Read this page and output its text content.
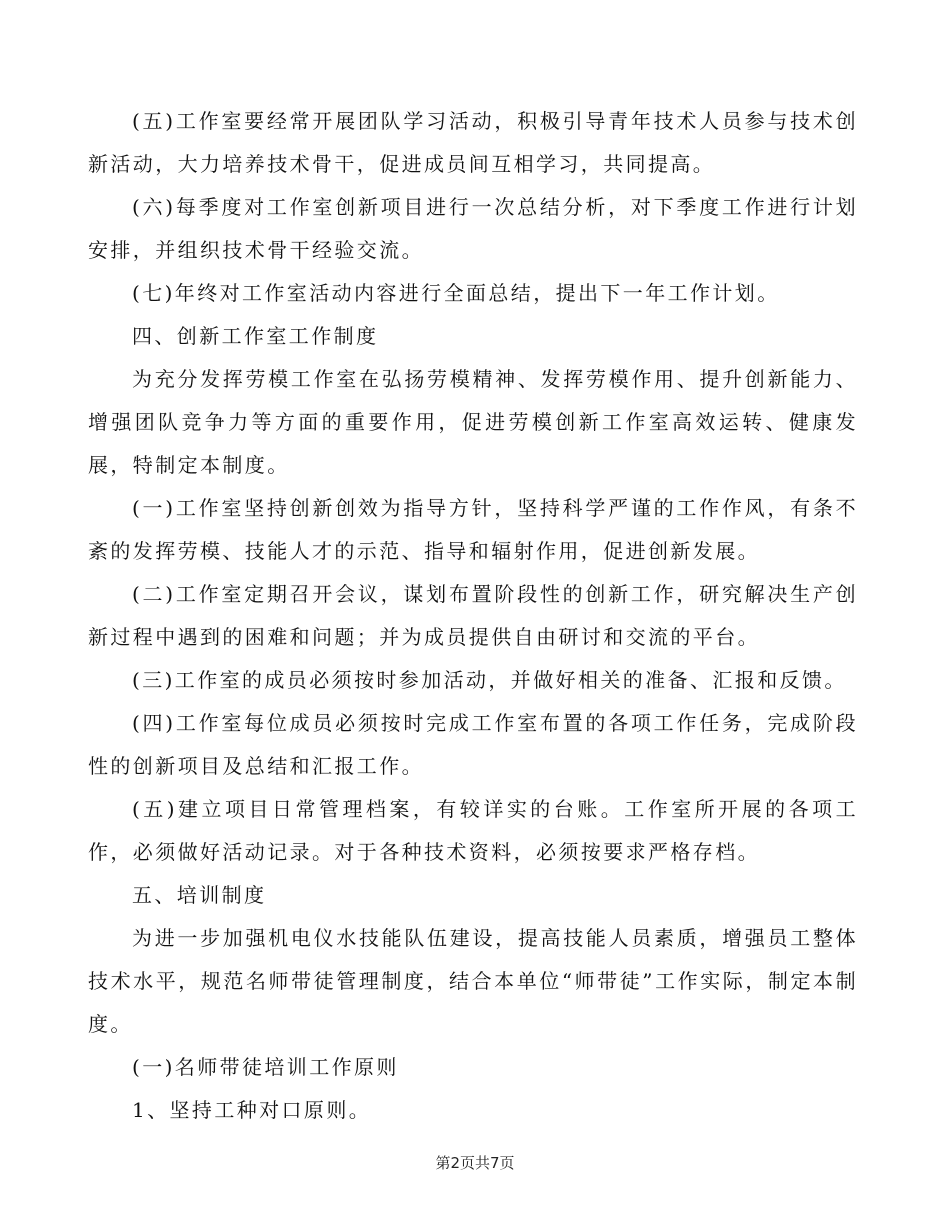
(五)工作室要经常开展团队学习活动，积极引导青年技术人员参与技术创新活动，大力培养技术骨干，促进成员间互相学习，共同提高。

(六)每季度对工作室创新项目进行一次总结分析，对下季度工作进行计划安排，并组织技术骨干经验交流。

(七)年终对工作室活动内容进行全面总结，提出下一年工作计划。

四、创新工作室工作制度

为充分发挥劳模工作室在弘扬劳模精神、发挥劳模作用、提升创新能力、增强团队竞争力等方面的重要作用，促进劳模创新工作室高效运转、健康发展，特制定本制度。

(一)工作室坚持创新创效为指导方针，坚持科学严谨的工作作风，有条不紊的发挥劳模、技能人才的示范、指导和辐射作用，促进创新发展。

(二)工作室定期召开会议，谋划布置阶段性的创新工作，研究解决生产创新过程中遇到的困难和问题；并为成员提供自由研讨和交流的平台。

(三)工作室的成员必须按时参加活动，并做好相关的准备、汇报和反馈。

(四)工作室每位成员必须按时完成工作室布置的各项工作任务，完成阶段性的创新项目及总结和汇报工作。

(五)建立项目日常管理档案，有较详实的台账。工作室所开展的各项工作，必须做好活动记录。对于各种技术资料，必须按要求严格存档。

五、培训制度

为进一步加强机电仪水技能队伍建设，提高技能人员素质，增强员工整体技术水平，规范名师带徒管理制度，结合本单位“师带徒”工作实际，制定本制度。

(一)名师带徒培训工作原则

1、坚持工种对口原则。

第2页共7页
